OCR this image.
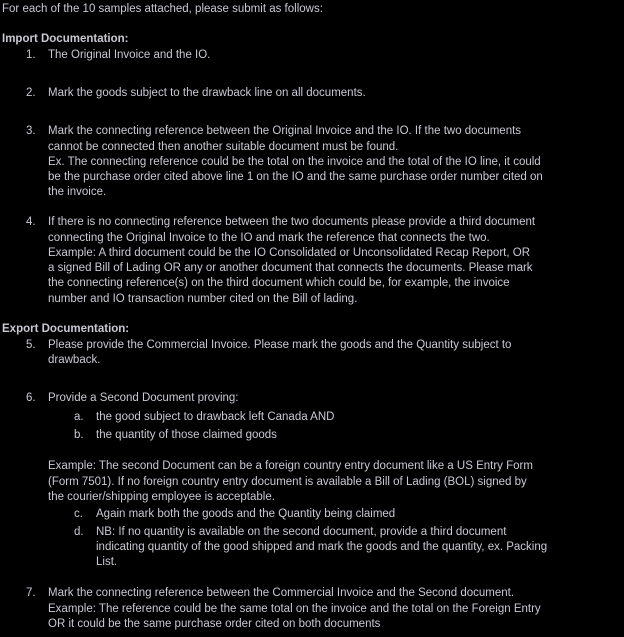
For each of the 10 samples attached, please submit as follows:
Import Documentation:
1. The Original Invoice and the IO.
2. Mark the goods subject to the drawback line on all documents.
3. Mark the connecting reference between the Original Invoice and the IO. If the two documents
cannot be connected then another suitable document must be found.
Ex. The connecting reference could be the total on the invoice and the total of the IO line, it could
be the purchase order cited above line 1 on the IO and the same purchase order number cited on
the invoice.
4. If there is no connecting reference between the two documents please provide a third document
connecting the Original Invoice to the IO and mark the reference that connects the two.
Example: A third document could be the IO Consolidated or Unconsolidated Recap Report, OR
a signed Bill of Lading OR any or another document that connects the documents. Please mark
the connecting reference(s) on the third document which could be, for example, the invoice
number and IO transaction number cited on the Bill of lading.
Export Documentation:
5. Please provide the Commercial Invoice. Please mark the goods and the Quantity subject to
drawback.
6. Provide a Second Document proving:
a. the good subject to drawback left Canada AND
b. the quantity of those claimed goods
Example: The second Document can be a foreign country entry document like a US Entry Form
(Form 7501). If no foreign country entry document is available a Bill of Lading (BOL) signed by
the courier/shipping employee is acceptable.
c. Again mark both the goods and the Quantity being claimed
d. NB: If no quantity is available on the second document, provide a third document
indicating quantity of the good shipped and mark the goods and the quantity, ex. Packing
List.
7. Mark the connecting reference between the Commercial Invoice and the Second document.
Example: The reference could be the same total on the invoice and the total on the Foreign Entry
OR it could be the same purchase order cited on both documents
